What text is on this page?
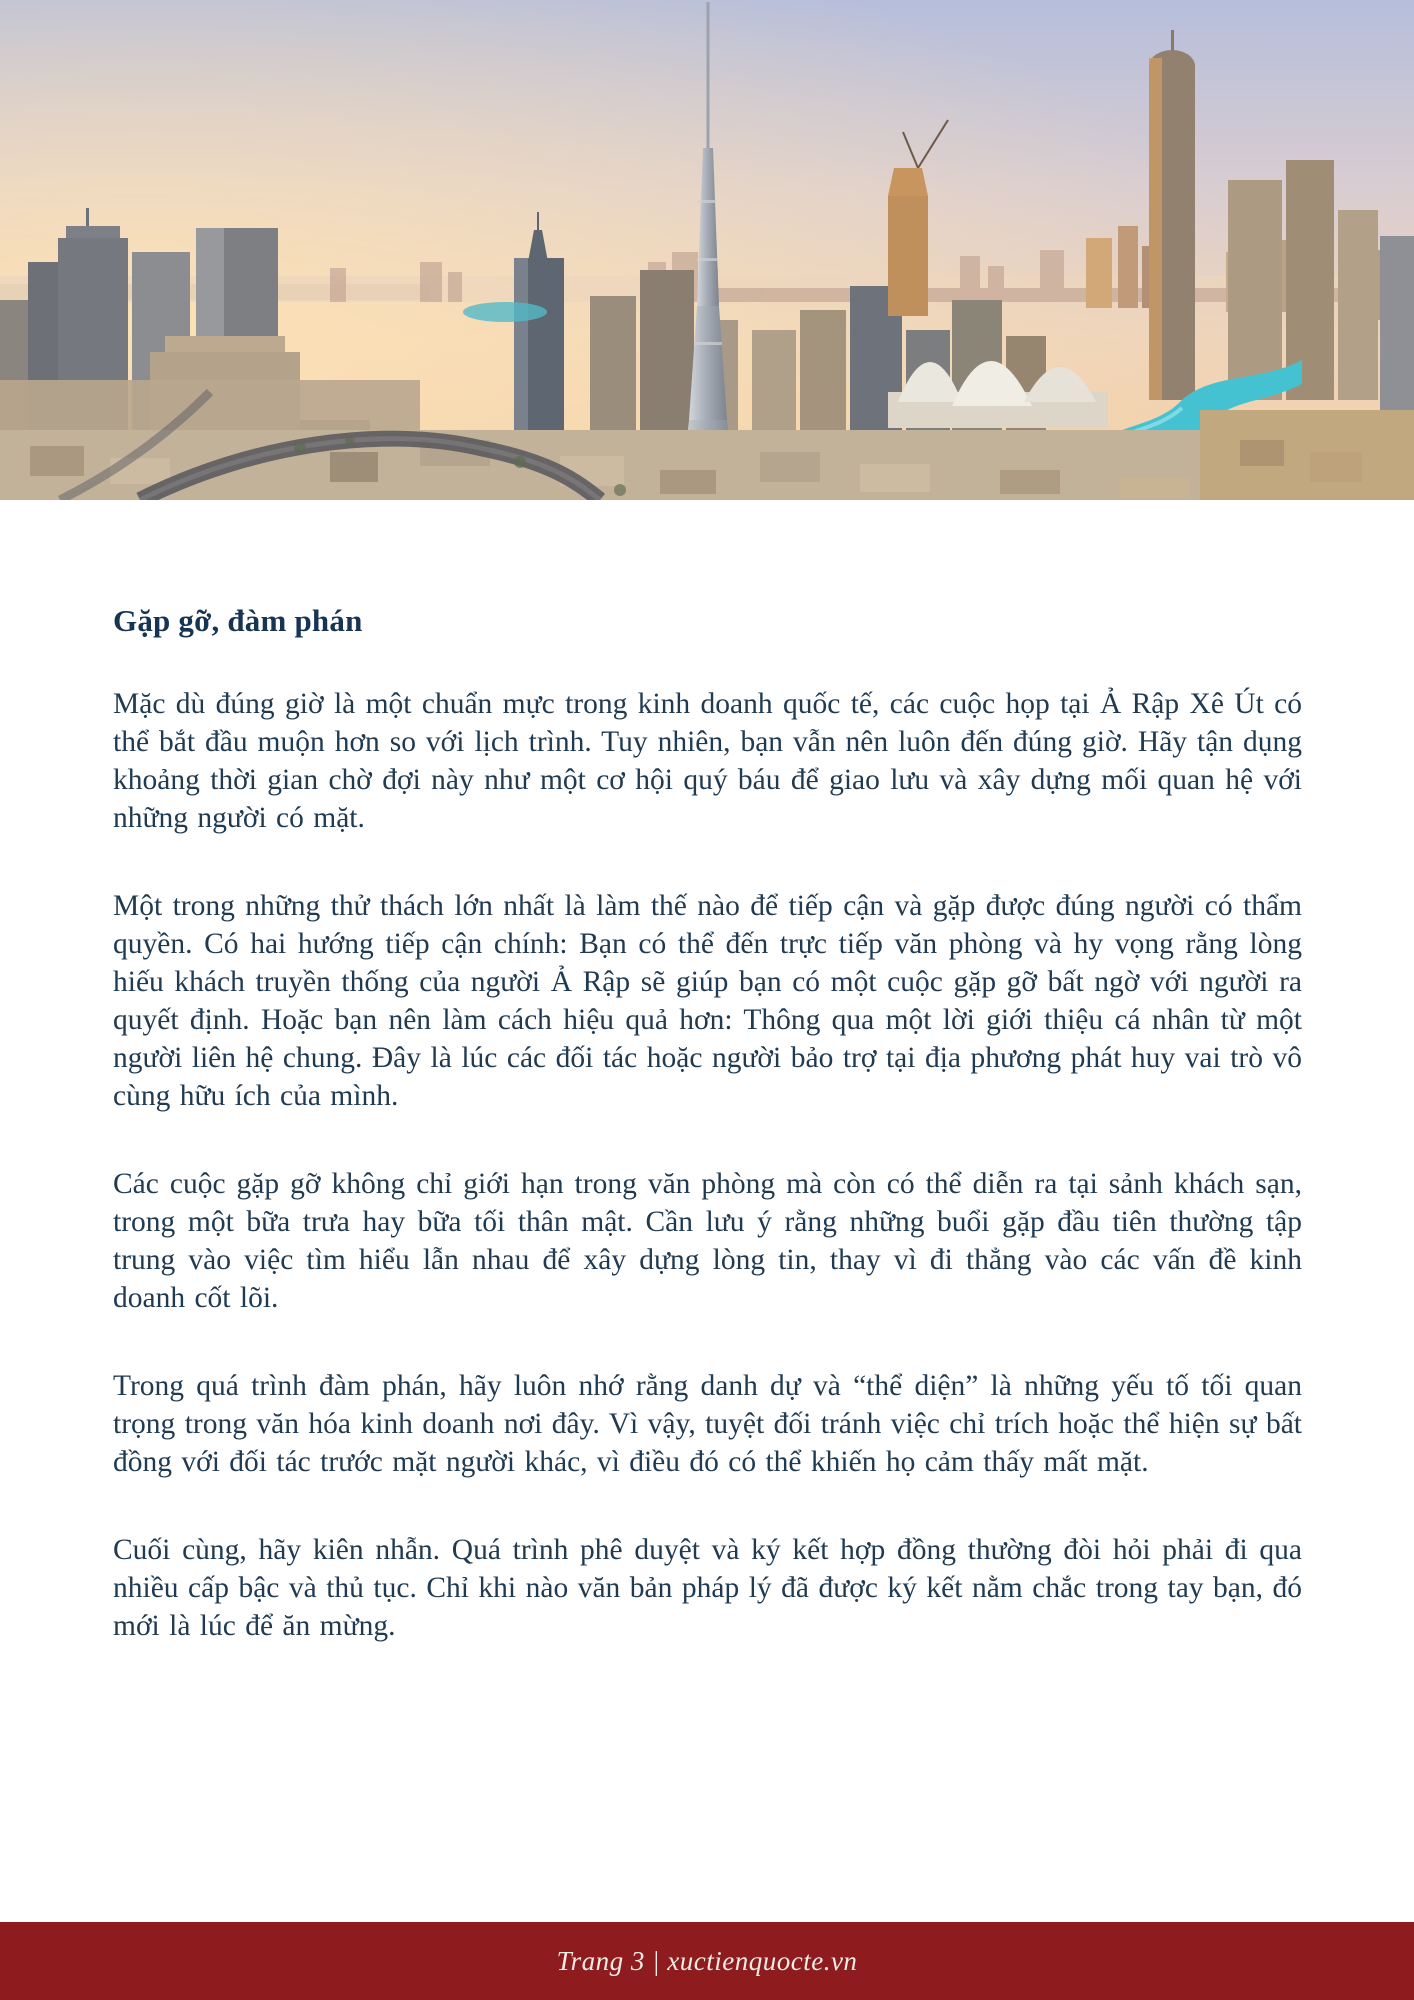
Gặp gỡ, đàm phán

Mặc dù đúng giờ là một chuẩn mực trong kinh doanh quốc tế, các cuộc họp tại Ả Rập Xê Út có thể bắt đầu muộn hơn so với lịch trình. Tuy nhiên, bạn vẫn nên luôn đến đúng giờ. Hãy tận dụng khoảng thời gian chờ đợi này như một cơ hội quý báu để giao lưu và xây dựng mối quan hệ với những người có mặt.

Một trong những thử thách lớn nhất là làm thế nào để tiếp cận và gặp được đúng người có thẩm quyền. Có hai hướng tiếp cận chính: Bạn có thể đến trực tiếp văn phòng và hy vọng rằng lòng hiếu khách truyền thống của người Ả Rập sẽ giúp bạn có một cuộc gặp gỡ bất ngờ với người ra quyết định. Hoặc bạn nên làm cách hiệu quả hơn: Thông qua một lời giới thiệu cá nhân từ một người liên hệ chung. Đây là lúc các đối tác hoặc người bảo trợ tại địa phương phát huy vai trò vô cùng hữu ích của mình.

Các cuộc gặp gỡ không chỉ giới hạn trong văn phòng mà còn có thể diễn ra tại sảnh khách sạn, trong một bữa trưa hay bữa tối thân mật. Cần lưu ý rằng những buổi gặp đầu tiên thường tập trung vào việc tìm hiểu lẫn nhau để xây dựng lòng tin, thay vì đi thẳng vào các vấn đề kinh doanh cốt lõi.

Trong quá trình đàm phán, hãy luôn nhớ rằng danh dự và “thể diện” là những yếu tố tối quan trọng trong văn hóa kinh doanh nơi đây. Vì vậy, tuyệt đối tránh việc chỉ trích hoặc thể hiện sự bất đồng với đối tác trước mặt người khác, vì điều đó có thể khiến họ cảm thấy mất mặt.

Cuối cùng, hãy kiên nhẫn. Quá trình phê duyệt và ký kết hợp đồng thường đòi hỏi phải đi qua nhiều cấp bậc và thủ tục. Chỉ khi nào văn bản pháp lý đã được ký kết nằm chắc trong tay bạn, đó mới là lúc để ăn mừng.

Trang 3 | xuctienquocte.vn
